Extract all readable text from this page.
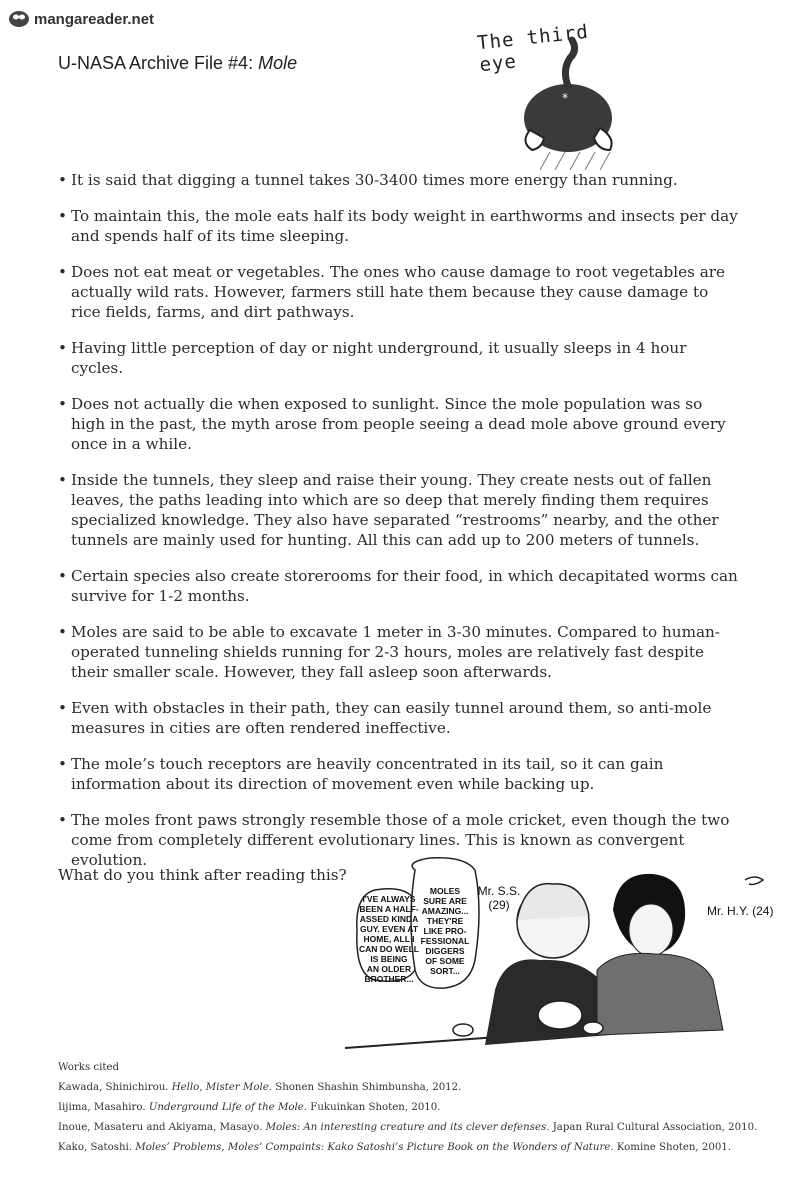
mangareader.net
U-NASA Archive File #4: Mole
The third eye
*
• It is said that digging a tunnel takes 30-3400 times more energy than running.
• To maintain this, the mole eats half its body weight in earthworms and insects per day and spends half of its time sleeping.
• Does not eat meat or vegetables. The ones who cause damage to root vegetables are actually wild rats. However, farmers still hate them because they cause damage to rice fields, farms, and dirt pathways.
• Having little perception of day or night underground, it usually sleeps in 4 hour cycles.
• Does not actually die when exposed to sunlight. Since the mole population was so high in the past, the myth arose from people seeing a dead mole above ground every once in a while.
• Inside the tunnels, they sleep and raise their young. They create nests out of fallen leaves, the paths leading into which are so deep that merely finding them requires specialized knowledge. They also have separated “restrooms” nearby, and the other tunnels are mainly used for hunting. All this can add up to 200 meters of tunnels.
• Certain species also create storerooms for their food, in which decapitated worms can survive for 1-2 months.
• Moles are said to be able to excavate 1 meter in 3-30 minutes. Compared to human-operated tunneling shields running for 2-3 hours, moles are relatively fast despite their smaller scale. However, they fall asleep soon afterwards.
• Even with obstacles in their path, they can easily tunnel around them, so anti-mole measures in cities are often rendered ineffective.
• The mole’s touch receptors are heavily concentrated in its tail, so it can gain information about its direction of movement even while backing up.
• The moles front paws strongly resemble those of a mole cricket, even though the two come from completely different evolutionary lines. This is known as convergent evolution.
What do you think after reading this?
I'VE ALWAYS
BEEN A HALF-
ASSED KINDA
GUY. EVEN AT
HOME, ALL I
CAN DO WELL
IS BEING
AN OLDER
BROTHER...
MOLES
SURE ARE
AMAZING...
THEY'RE
LIKE PRO-
FESSIONAL
DIGGERS
OF SOME
SORT...
Mr. S.S.
(29)	Mr. H.Y. (24)
Works cited
Kawada, Shinichirou. Hello, Mister Mole. Shonen Shashin Shimbunsha, 2012.
Iijima, Masahiro. Underground Life of the Mole. Fukuinkan Shoten, 2010.
Inoue, Masateru and Akiyama, Masayo. Moles: An interesting creature and its clever defenses. Japan Rural Cultural Association, 2010.
Kako, Satoshi. Moles’ Problems, Moles’ Compaints: Kako Satoshi’s Picture Book on the Wonders of Nature. Komine Shoten, 2001.
